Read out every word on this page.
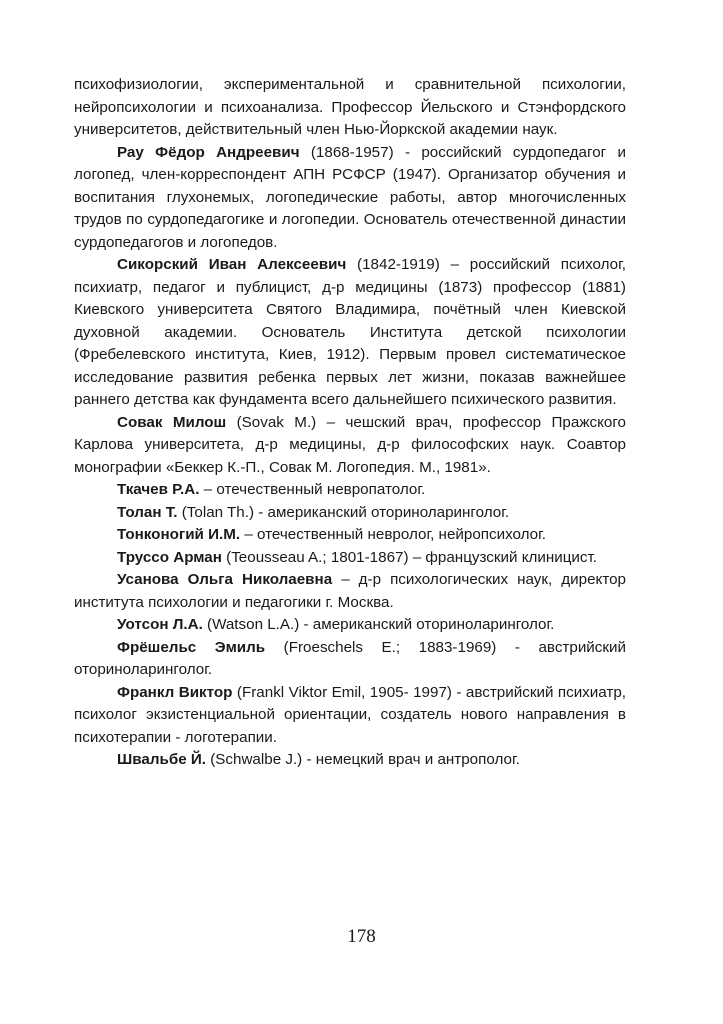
психофизиологии, экспериментальной и сравнительной психологии, нейропсихологии и психоанализа. Профессор Йельского и Стэнфордского университетов, действительный член Нью-Йоркской академии наук.

Рау Фёдор Андреевич (1868-1957) - российский сурдопедагог и логопед, член-корреспондент АПН РСФСР (1947). Организатор обучения и воспитания глухонемых, логопедические работы, автор многочисленных трудов по сурдопедагогике и логопедии. Основатель отечественной династии сурдопедагогов и логопедов.

Сикорский Иван Алексеевич (1842-1919) – российский психолог, психиатр, педагог и публицист, д-р медицины (1873) профессор (1881) Киевского университета Святого Владимира, почётный член Киевской духовной академии. Основатель Института детской психологии (Фребелевского института, Киев, 1912). Первым провел систематическое исследование развития ребенка первых лет жизни, показав важнейшее раннего детства как фундамента всего дальнейшего психического развития.

Совак Милош (Sovak M.) – чешский врач, профессор Пражского Карлова университета, д-р медицины, д-р философских наук. Соавтор монографии «Беккер К.-П., Совак М. Логопедия. М., 1981».

Ткачев Р.А. – отечественный невропатолог.

Толан Т. (Tolan Th.) - американский оториноларинголог.

Тонконогий И.М. – отечественный невролог, нейропсихолог.

Труссо Арман (Teousseau A.; 1801-1867) – французский клиницист.

Усанова Ольга Николаевна – д-р психологических наук, директор института психологии и педагогики г. Москва.

Уотсон Л.А. (Watson L.A.) - американский оториноларинголог.

Фрёшельс Эмиль (Froeschels E.; 1883-1969) - австрийский оториноларинголог.

Франкл Виктор (Frankl Viktor Emil, 1905- 1997) - австрийский психиатр, психолог экзистенциальной ориентации, создатель нового направления в психотерапии - логотерапии.

Швальбе Й. (Schwalbe J.) - немецкий врач и антрополог.

178
